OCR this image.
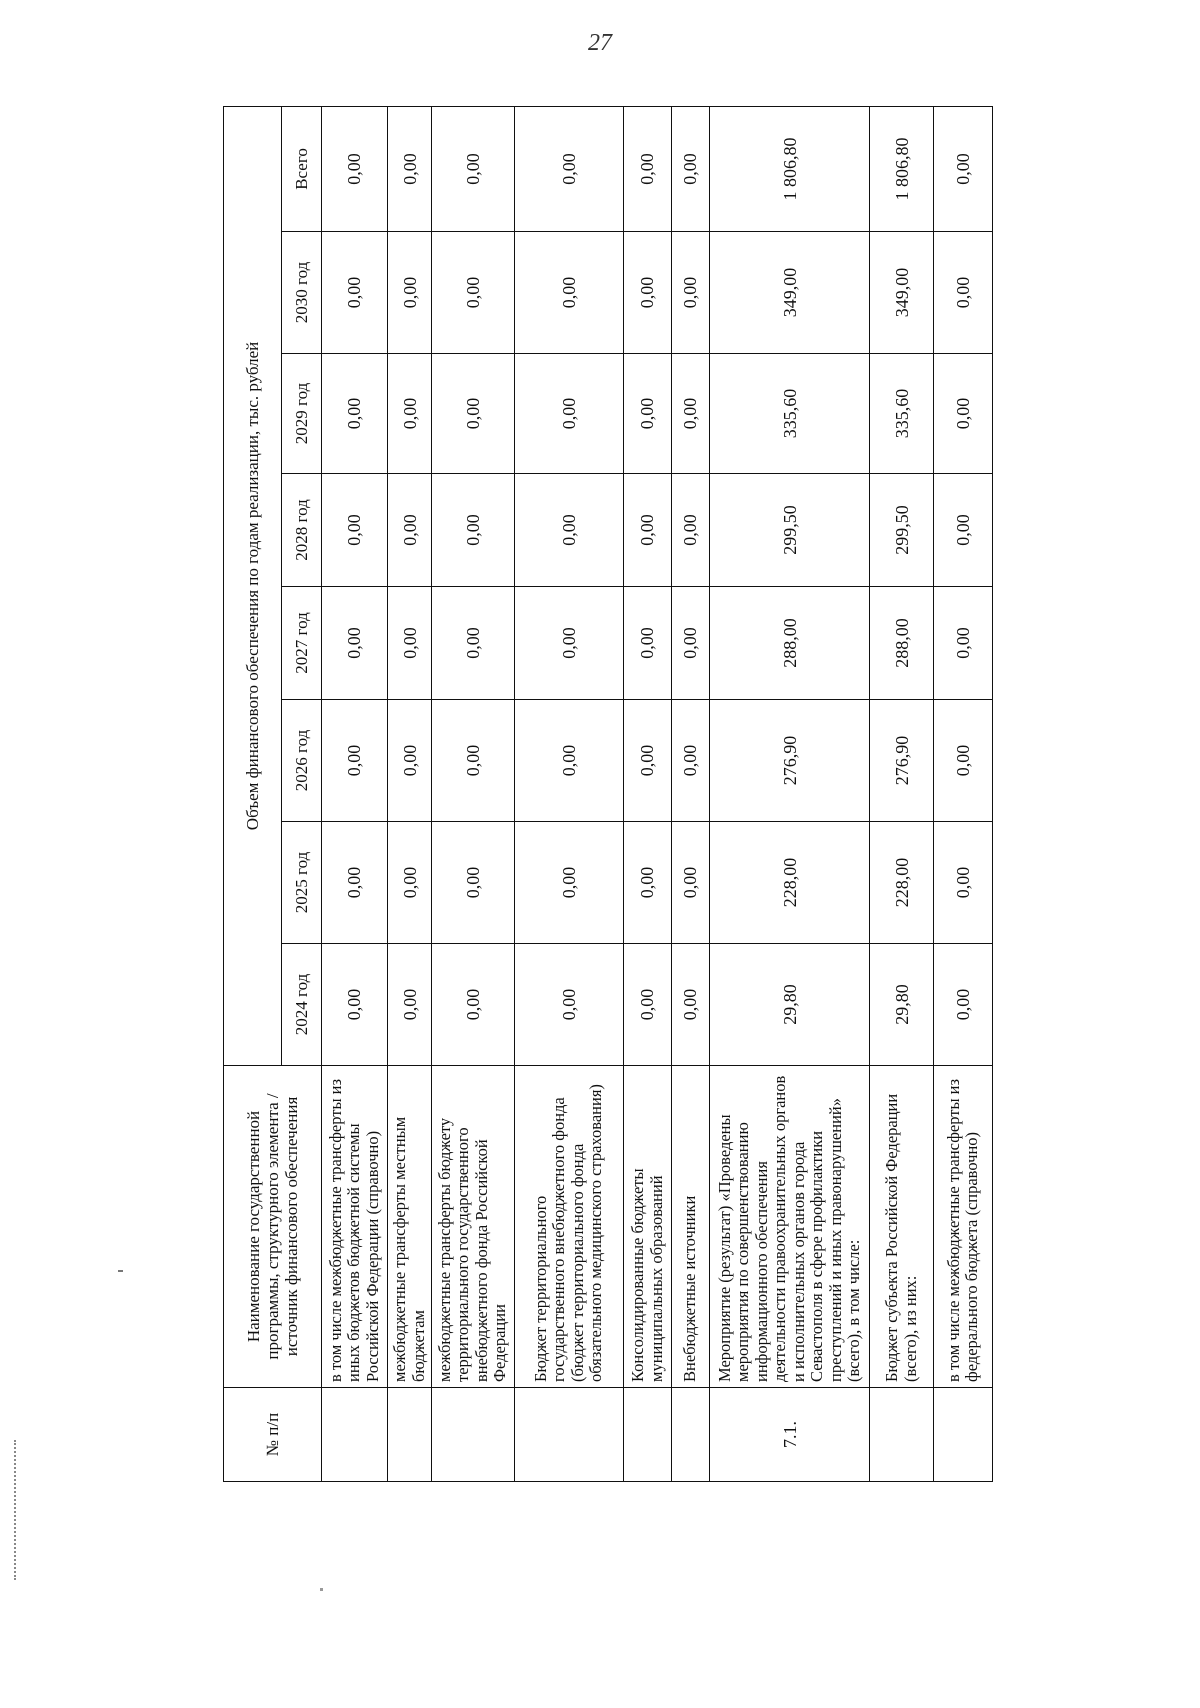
27
№ п/п	Наименование государственной программы, структурного элемента / источник финансового обеспечения	Объем финансового обеспечения по годам реализации, тыс. рублей							
		2024 год	2025 год	2026 год	2027 год	2028 год	2029 год	2030 год	Всего
	в том числе межбюджетные трансферты из иных бюджетов бюджетной системы Российской Федерации (справочно)	0,00	0,00	0,00	0,00	0,00	0,00	0,00	0,00
	межбюджетные трансферты местным бюджетам	0,00	0,00	0,00	0,00	0,00	0,00	0,00	0,00
	межбюджетные трансферты бюджету территориального государственного внебюджетного фонда Российской Федерации	0,00	0,00	0,00	0,00	0,00	0,00	0,00	0,00
	Бюджет территориального государственного внебюджетного фонда (бюджет территориального фонда обязательного медицинского страхования)	0,00	0,00	0,00	0,00	0,00	0,00	0,00	0,00
	Консолидированные бюджеты муниципальных образований	0,00	0,00	0,00	0,00	0,00	0,00	0,00	0,00
	Внебюджетные источники	0,00	0,00	0,00	0,00	0,00	0,00	0,00	0,00
7.1.	Мероприятие (результат) «Проведены мероприятия по совершенствованию информационного обеспечения деятельности правоохранительных органов и исполнительных органов города Севастополя в сфере профилактики преступлений и иных правонарушений» (всего), в том числе:	29,80	228,00	276,90	288,00	299,50	335,60	349,00	1 806,80
	Бюджет субъекта Российской Федерации (всего), из них:	29,80	228,00	276,90	288,00	299,50	335,60	349,00	1 806,80
	в том числе межбюджетные трансферты из федерального бюджета (справочно)	0,00	0,00	0,00	0,00	0,00	0,00	0,00	0,00
